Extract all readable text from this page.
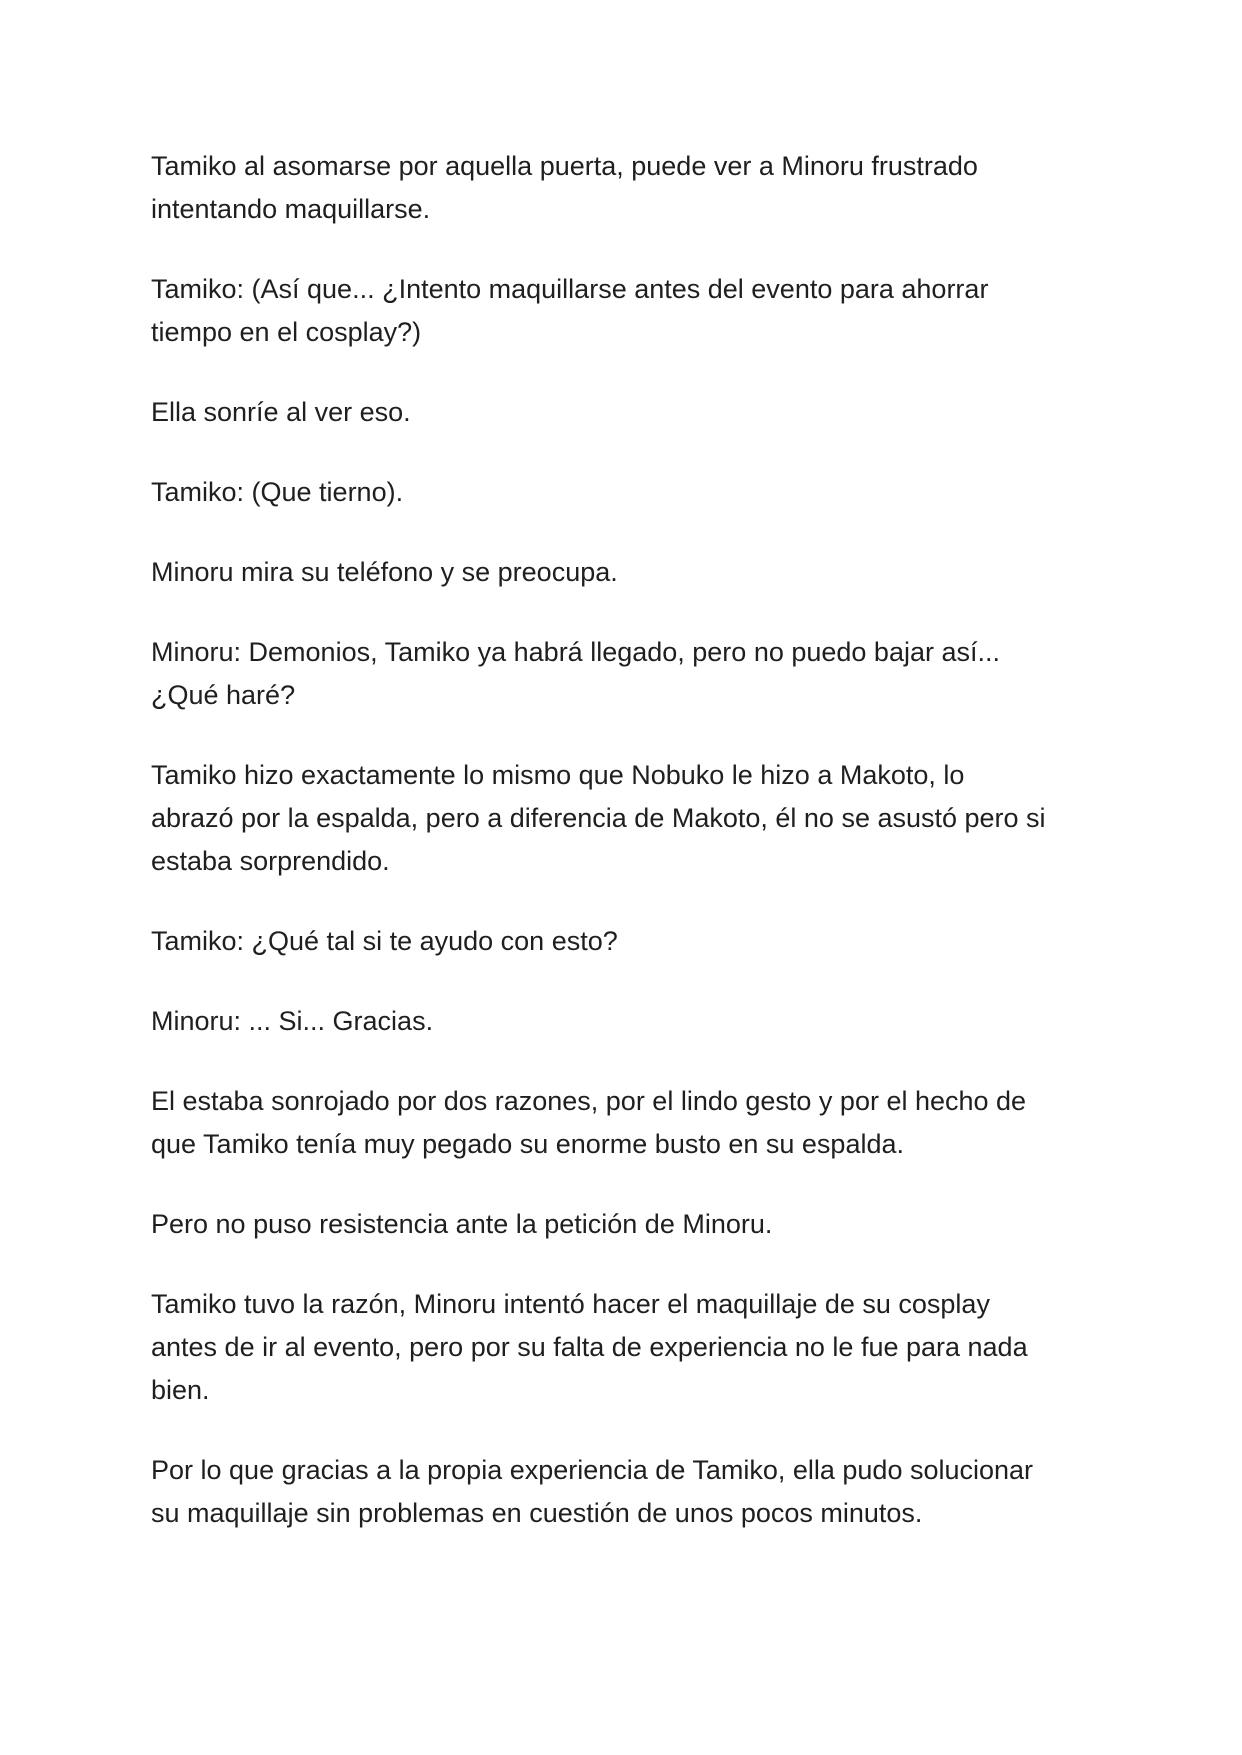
Tamiko al asomarse por aquella puerta, puede ver a Minoru frustrado
intentando maquillarse.

Tamiko: (Así que... ¿Intento maquillarse antes del evento para ahorrar
tiempo en el cosplay?)

Ella sonríe al ver eso.

Tamiko: (Que tierno).

Minoru mira su teléfono y se preocupa.

Minoru: Demonios, Tamiko ya habrá llegado, pero no puedo bajar así...
¿Qué haré?

Tamiko hizo exactamente lo mismo que Nobuko le hizo a Makoto, lo
abrazó por la espalda, pero a diferencia de Makoto, él no se asustó pero si
estaba sorprendido.

Tamiko: ¿Qué tal si te ayudo con esto?

Minoru: ... Si... Gracias.

El estaba sonrojado por dos razones, por el lindo gesto y por el hecho de
que Tamiko tenía muy pegado su enorme busto en su espalda.

Pero no puso resistencia ante la petición de Minoru.

Tamiko tuvo la razón, Minoru intentó hacer el maquillaje de su cosplay
antes de ir al evento, pero por su falta de experiencia no le fue para nada
bien.

Por lo que gracias a la propia experiencia de Tamiko, ella pudo solucionar
su maquillaje sin problemas en cuestión de unos pocos minutos.
